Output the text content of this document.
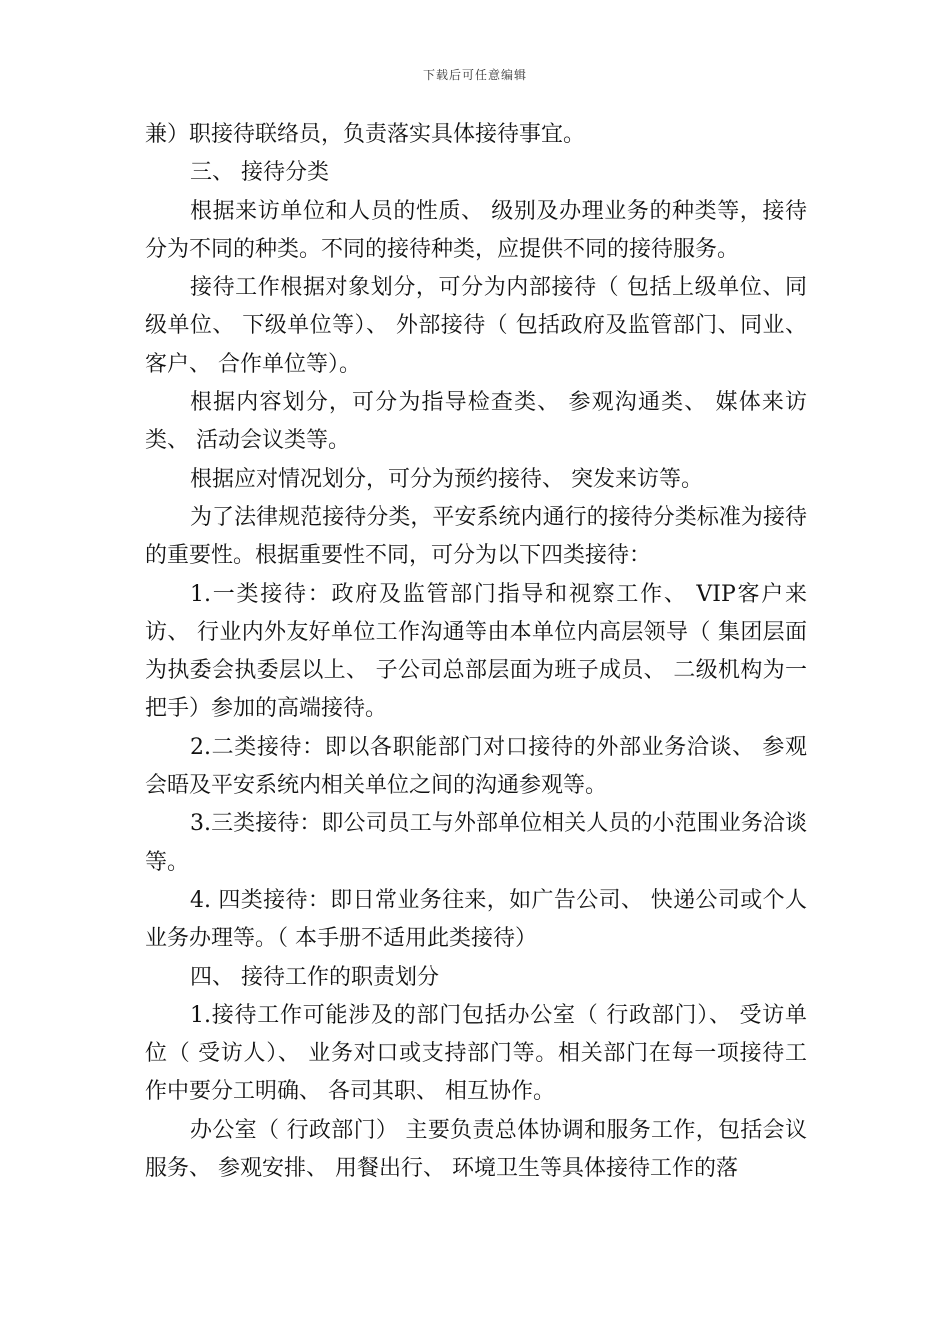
下载后可任意编辑

兼）职接待联络员，负责落实具体接待事宜。

三、 接待分类

根据来访单位和人员的性质、 级别及办理业务的种类等，接待分为不同的种类。不同的接待种类，应提供不同的接待服务。

接待工作根据对象划分，可分为内部接待（ 包括上级单位、同级单位、 下级单位等）、 外部接待（ 包括政府及监管部门、同业、 客户、 合作单位等）。

根据内容划分，可分为指导检查类、 参观沟通类、 媒体来访类、 活动会议类等。

根据应对情况划分，可分为预约接待、 突发来访等。

为了法律规范接待分类，平安系统内通行的接待分类标准为接待的重要性。根据重要性不同，可分为以下四类接待：

1.一类接待：政府及监管部门指导和视察工作、 VIP客户来访、 行业内外友好单位工作沟通等由本单位内高层领导（ 集团层面为执委会执委层以上、 子公司总部层面为班子成员、 二级机构为一把手）参加的高端接待。

2.二类接待：即以各职能部门对口接待的外部业务洽谈、 参观会晤及平安系统内相关单位之间的沟通参观等。

3.三类接待：即公司员工与外部单位相关人员的小范围业务洽谈等。

4. 四类接待：即日常业务往来，如广告公司、 快递公司或个人业务办理等。（ 本手册不适用此类接待）

四、 接待工作的职责划分

1.接待工作可能涉及的部门包括办公室（ 行政部门）、 受访单位（ 受访人）、 业务对口或支持部门等。相关部门在每一项接待工作中要分工明确、 各司其职、 相互协作。

办公室（ 行政部门） 主要负责总体协调和服务工作，包括会议服务、 参观安排、 用餐出行、 环境卫生等具体接待工作的落
